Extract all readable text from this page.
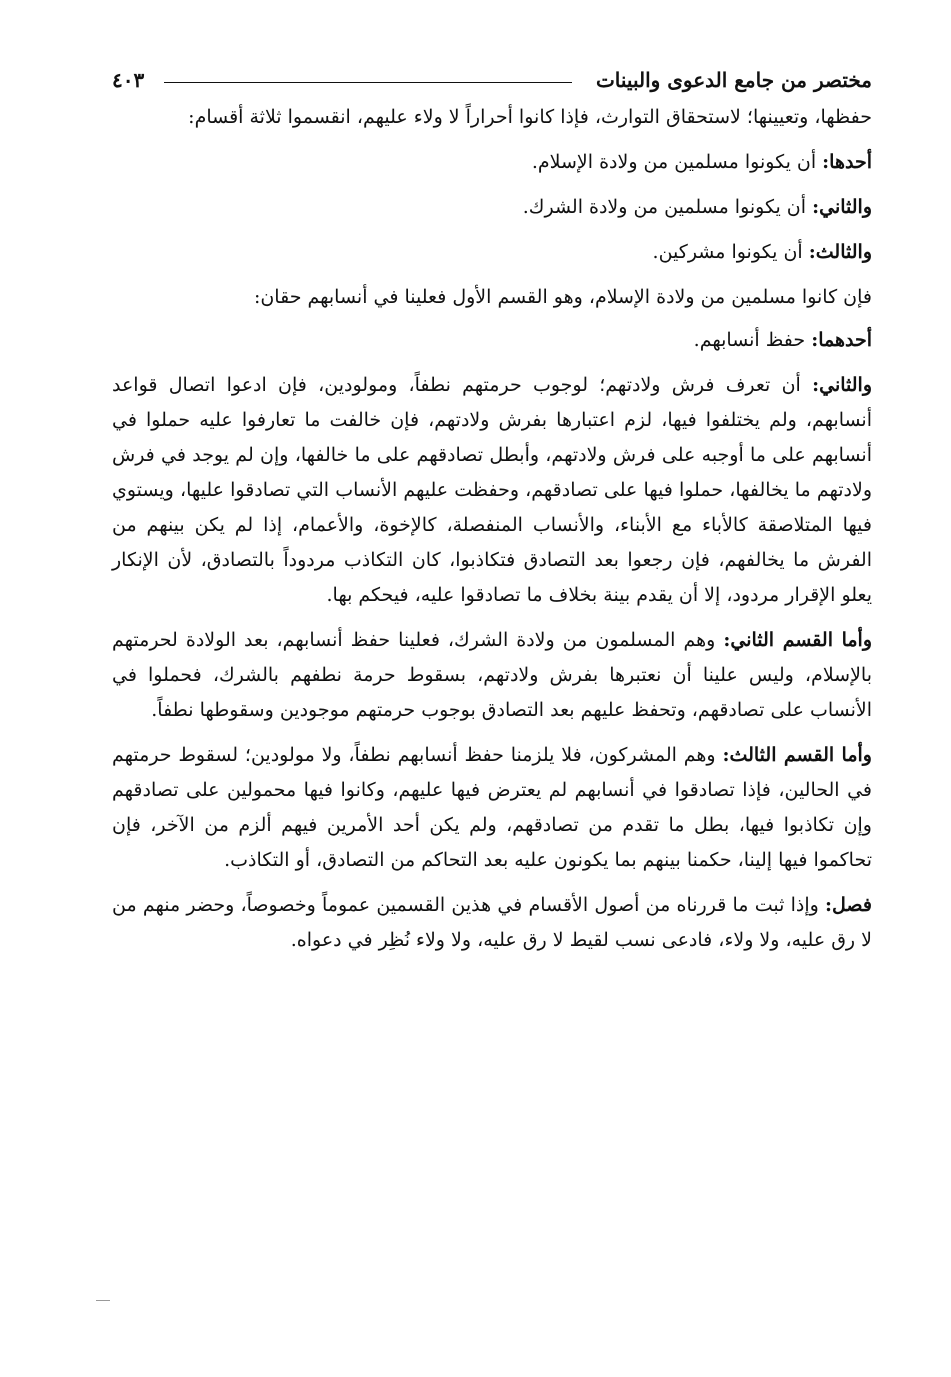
مختصر من جامع الدعوى والبينات
٤٠٣

حفظها، وتعيينها؛ لاستحقاق التوارث، فإذا كانوا أحراراً لا ولاء عليهم، انقسموا ثلاثة أقسام:

أحدها: أن يكونوا مسلمين من ولادة الإسلام.

والثاني: أن يكونوا مسلمين من ولادة الشرك.

والثالث: أن يكونوا مشركين.

فإن كانوا مسلمين من ولادة الإسلام، وهو القسم الأول فعلينا في أنسابهم حقان:

أحدهما: حفظ أنسابهم.

والثاني: أن تعرف فرش ولادتهم؛ لوجوب حرمتهم نطفاً، ومولودين، فإن ادعوا اتصال قواعد أنسابهم، ولم يختلفوا فيها، لزم اعتبارها بفرش ولادتهم، فإن خالفت ما تعارفوا عليه حملوا في أنسابهم على ما أوجبه على فرش ولادتهم، وأبطل تصادقهم على ما خالفها، وإن لم يوجد في فرش ولادتهم ما يخالفها، حملوا فيها على تصادقهم، وحفظت عليهم الأنساب التي تصادقوا عليها، ويستوي فيها المتلاصقة كالأباء مع الأبناء، والأنساب المنفصلة، كالإخوة، والأعمام، إذا لم يكن بينهم من الفرش ما يخالفهم، فإن رجعوا بعد التصادق فتكاذبوا، كان التكاذب مردوداً بالتصادق، لأن الإنكار يعلو الإقرار مردود، إلا أن يقدم بينة بخلاف ما تصادقوا عليه، فيحكم بها.

وأما القسم الثاني: وهم المسلمون من ولادة الشرك، فعلينا حفظ أنسابهم، بعد الولادة لحرمتهم بالإسلام، وليس علينا أن نعتبرها بفرش ولادتهم، بسقوط حرمة نطفهم بالشرك، فحملوا في الأنساب على تصادقهم، وتحفظ عليهم بعد التصادق بوجوب حرمتهم موجودين وسقوطها نطفاً.

وأما القسم الثالث: وهم المشركون، فلا يلزمنا حفظ أنسابهم نطفاً، ولا مولودين؛ لسقوط حرمتهم في الحالين، فإذا تصادقوا في أنسابهم لم يعترض فيها عليهم، وكانوا فيها محمولين على تصادقهم وإن تكاذبوا فيها، بطل ما تقدم من تصادقهم، ولم يكن أحد الأمرين فيهم ألزم من الآخر، فإن تحاكموا فيها إلينا، حكمنا بينهم بما يكونون عليه بعد التحاكم من التصادق، أو التكاذب.

فصل: وإذا ثبت ما قررناه من أصول الأقسام في هذين القسمين عموماً وخصوصاً، وحضر منهم من لا رق عليه، ولا ولاء، فادعى نسب لقيط لا رق عليه، ولا ولاء نُظِر في دعواه.
